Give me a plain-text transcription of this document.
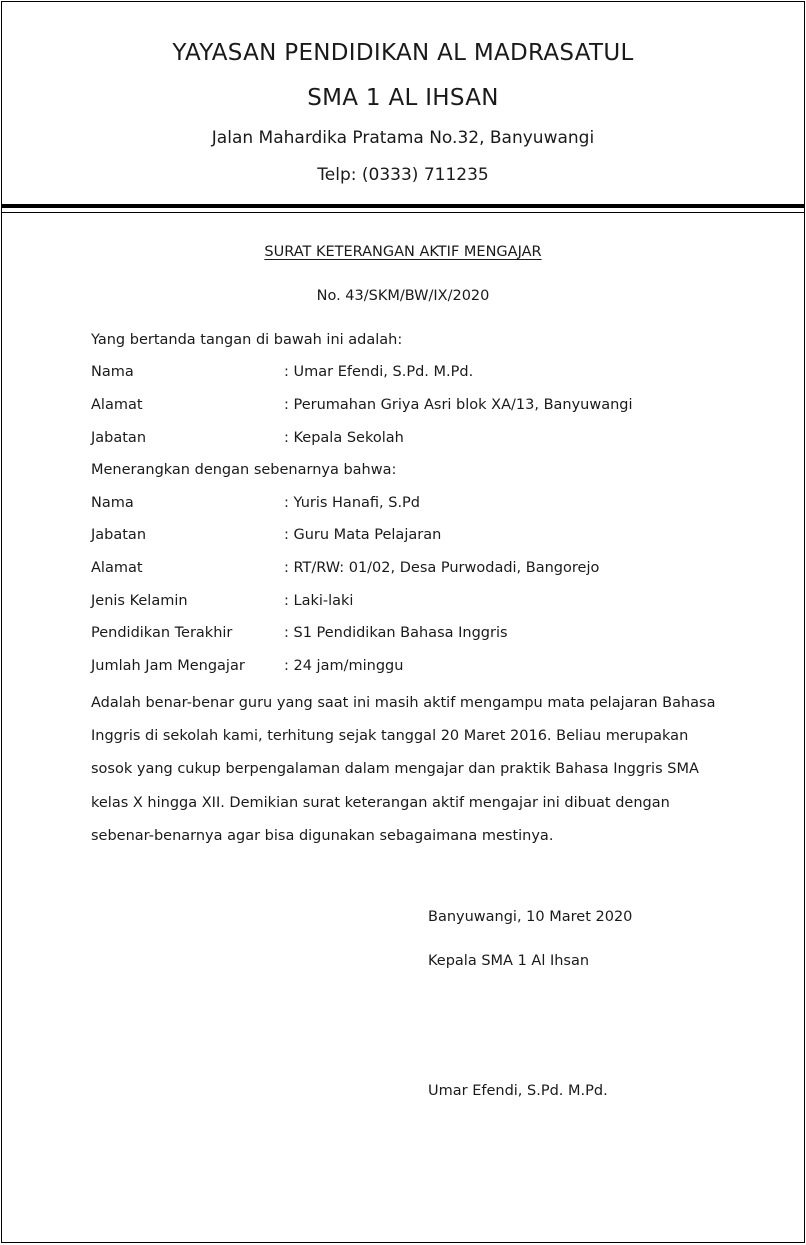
YAYASAN PENDIDIKAN AL MADRASATUL
SMA 1 AL IHSAN
Jalan Mahardika Pratama No.32, Banyuwangi
Telp: (0333) 711235
SURAT KETERANGAN AKTIF MENGAJAR
No. 43/SKM/BW/IX/2020
Yang bertanda tangan di bawah ini adalah:
Nama	: Umar Efendi, S.Pd. M.Pd.
Alamat	: Perumahan Griya Asri blok XA/13, Banyuwangi
Jabatan	: Kepala Sekolah
Menerangkan dengan sebenarnya bahwa:
Nama	: Yuris Hanafi, S.Pd
Jabatan	: Guru Mata Pelajaran
Alamat	: RT/RW: 01/02, Desa Purwodadi, Bangorejo
Jenis Kelamin	: Laki-laki
Pendidikan Terakhir	: S1 Pendidikan Bahasa Inggris
Jumlah Jam Mengajar	: 24 jam/minggu
Adalah benar-benar guru yang saat ini masih aktif mengampu mata pelajaran Bahasa
Inggris di sekolah kami, terhitung sejak tanggal 20 Maret 2016. Beliau merupakan
sosok yang cukup berpengalaman dalam mengajar dan praktik Bahasa Inggris SMA
kelas X hingga XII. Demikian surat keterangan aktif mengajar ini dibuat dengan
sebenar-benarnya agar bisa digunakan sebagaimana mestinya.
Banyuwangi, 10 Maret 2020
Kepala SMA 1 Al Ihsan
Umar Efendi, S.Pd. M.Pd.
